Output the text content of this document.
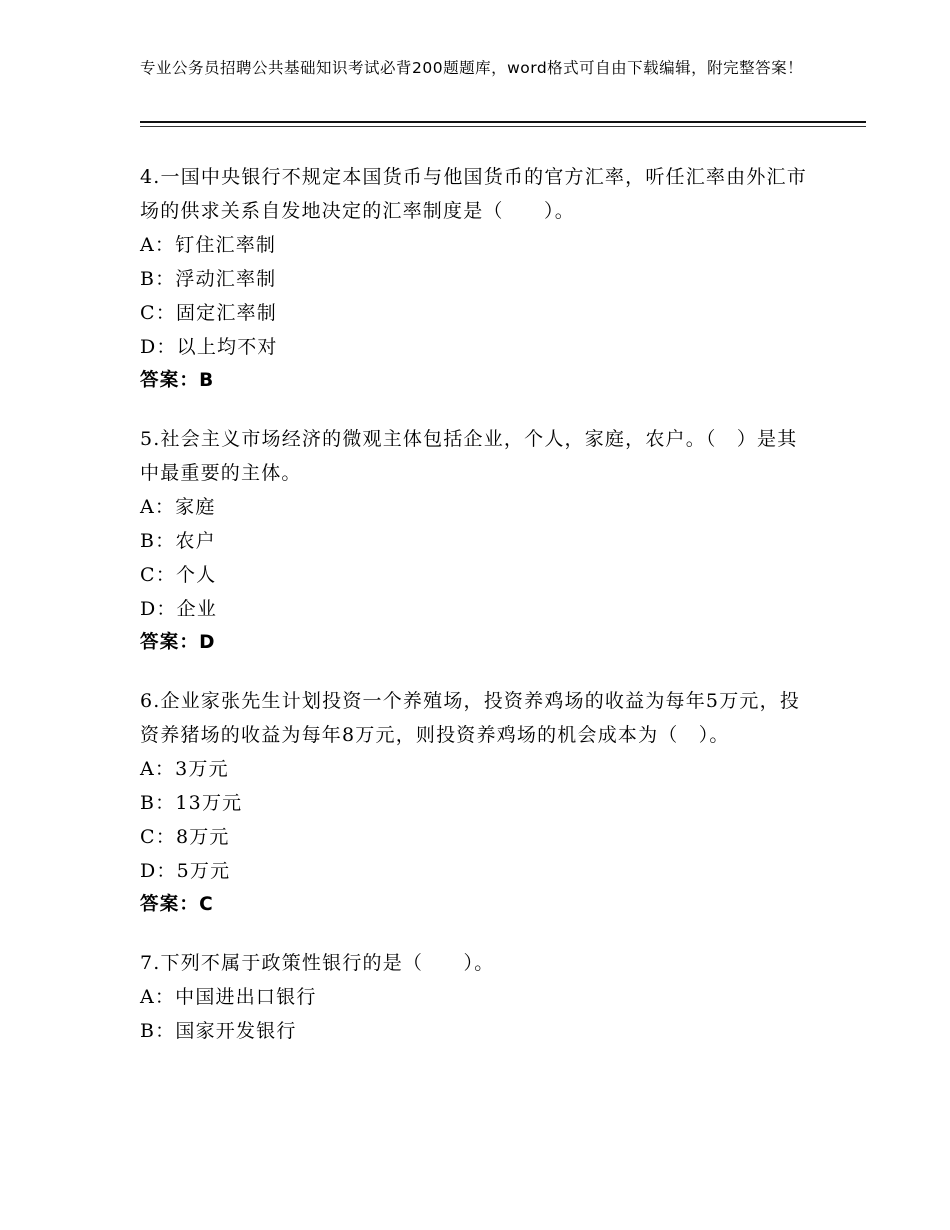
专业公务员招聘公共基础知识考试必背200题题库，word格式可自由下载编辑，附完整答案！
4.一国中央银行不规定本国货币与他国货币的官方汇率，听任汇率由外汇市场的供求关系自发地决定的汇率制度是（　　）。
A：钉住汇率制
B：浮动汇率制
C：固定汇率制
D：以上均不对
答案：B
5.社会主义市场经济的微观主体包括企业，个人，家庭，农户。（　）是其中最重要的主体。
A：家庭
B：农户
C：个人
D：企业
答案：D
6.企业家张先生计划投资一个养殖场，投资养鸡场的收益为每年5万元，投资养猪场的收益为每年8万元，则投资养鸡场的机会成本为（　）。
A：3万元
B：13万元
C：8万元
D：5万元
答案：C
7.下列不属于政策性银行的是（　　）。
A：中国进出口银行
B：国家开发银行
